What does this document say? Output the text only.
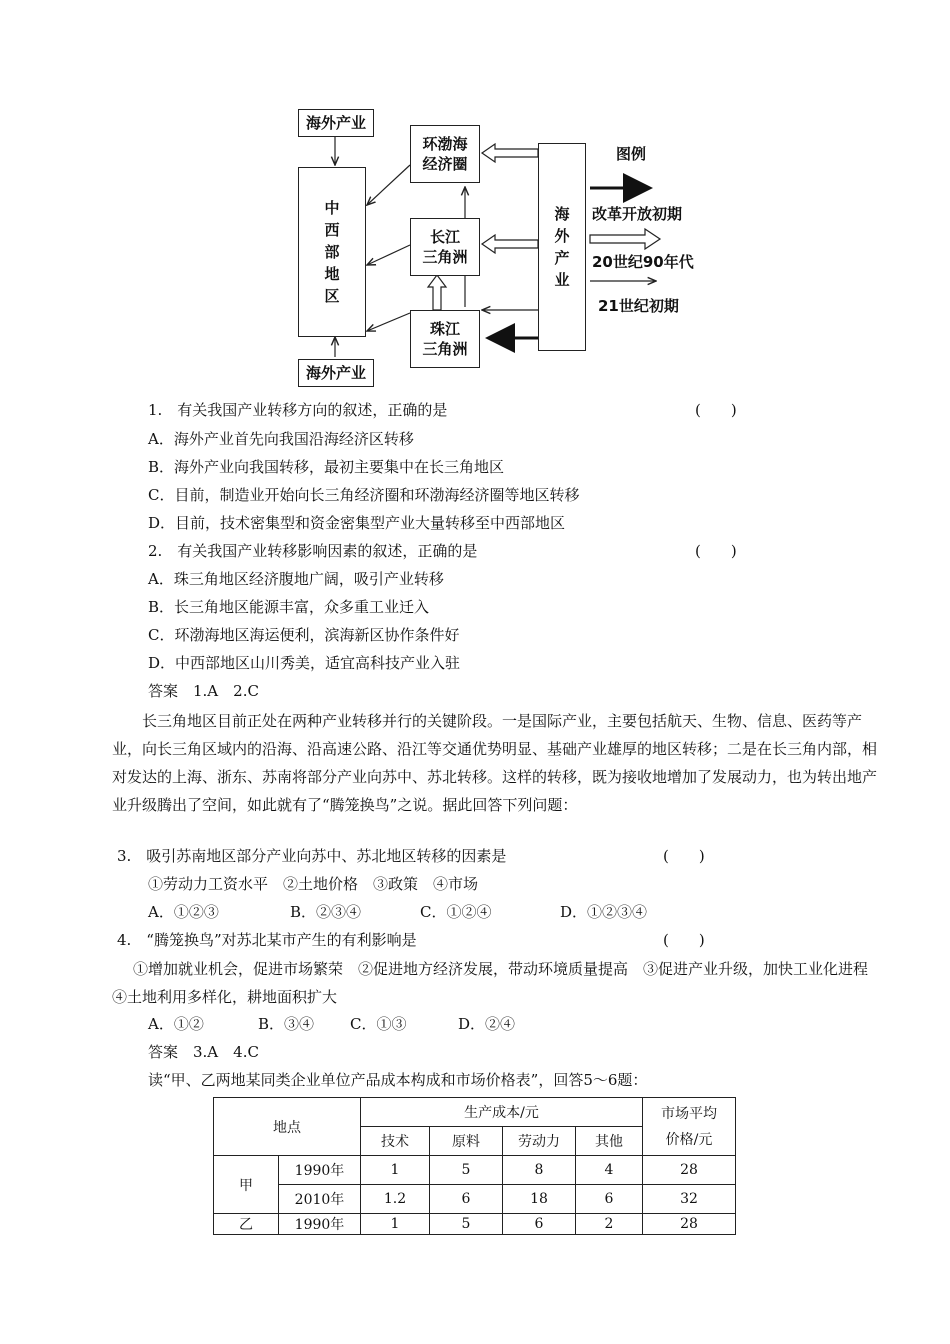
海外产业
中西部地区
海外产业
环渤海
经济圈
长江
三角洲
珠江
三角洲
海外产业
图例
改革开放初期
20世纪90年代
21世纪初期
1.　有关我国产业转移方向的叙述，正确的是	(　　)
A．海外产业首先向我国沿海经济区转移
B．海外产业向我国转移，最初主要集中在长三角地区
C．目前，制造业开始向长三角经济圈和环渤海经济圈等地区转移
D．目前，技术密集型和资金密集型产业大量转移至中西部地区
2.　有关我国产业转移影响因素的叙述，正确的是	(　　)
A．珠三角地区经济腹地广阔，吸引产业转移
B．长三角地区能源丰富，众多重工业迁入
C．环渤海地区海运便利，滨海新区协作条件好
D．中西部地区山川秀美，适宜高科技产业入驻
答案　1.A　2.C
长三角地区目前正处在两种产业转移并行的关键阶段。一是国际产业，主要包括航天、生物、信息、医药等产业，向长三角区域内的沿海、沿高速公路、沿江等交通优势明显、基础产业雄厚的地区转移；二是在长三角内部，相对发达的上海、浙东、苏南将部分产业向苏中、苏北转移。这样的转移，既为接收地增加了发展动力，也为转出地产业升级腾出了空间，如此就有了“腾笼换鸟”之说。据此回答下列问题：
3.　吸引苏南地区部分产业向苏中、苏北地区转移的因素是	(　　)
①劳动力工资水平　②土地价格　③政策　④市场
A．①②③	B．②③④	C．①②④	D．①②③④
4.　“腾笼换鸟”对苏北某市产生的有利影响是	(　　)
①增加就业机会，促进市场繁荣　②促进地方经济发展，带动环境质量提高　③促进产业升级，加快工业化进程　④土地利用多样化，耕地面积扩大
A．①②	B．③④ C．①③	D．②④
答案　3.A　4.C
读“甲、乙两地某同类企业单位产品成本构成和市场价格表”，回答5～6题：
地点		生产成本/元				市场平均
价格/元

		技术	原料	劳动力	其他	
甲	1990年	1	5	8	4	28
	2010年	1.2	6	18	6	32
乙	1990年	1	5	6	2	28
